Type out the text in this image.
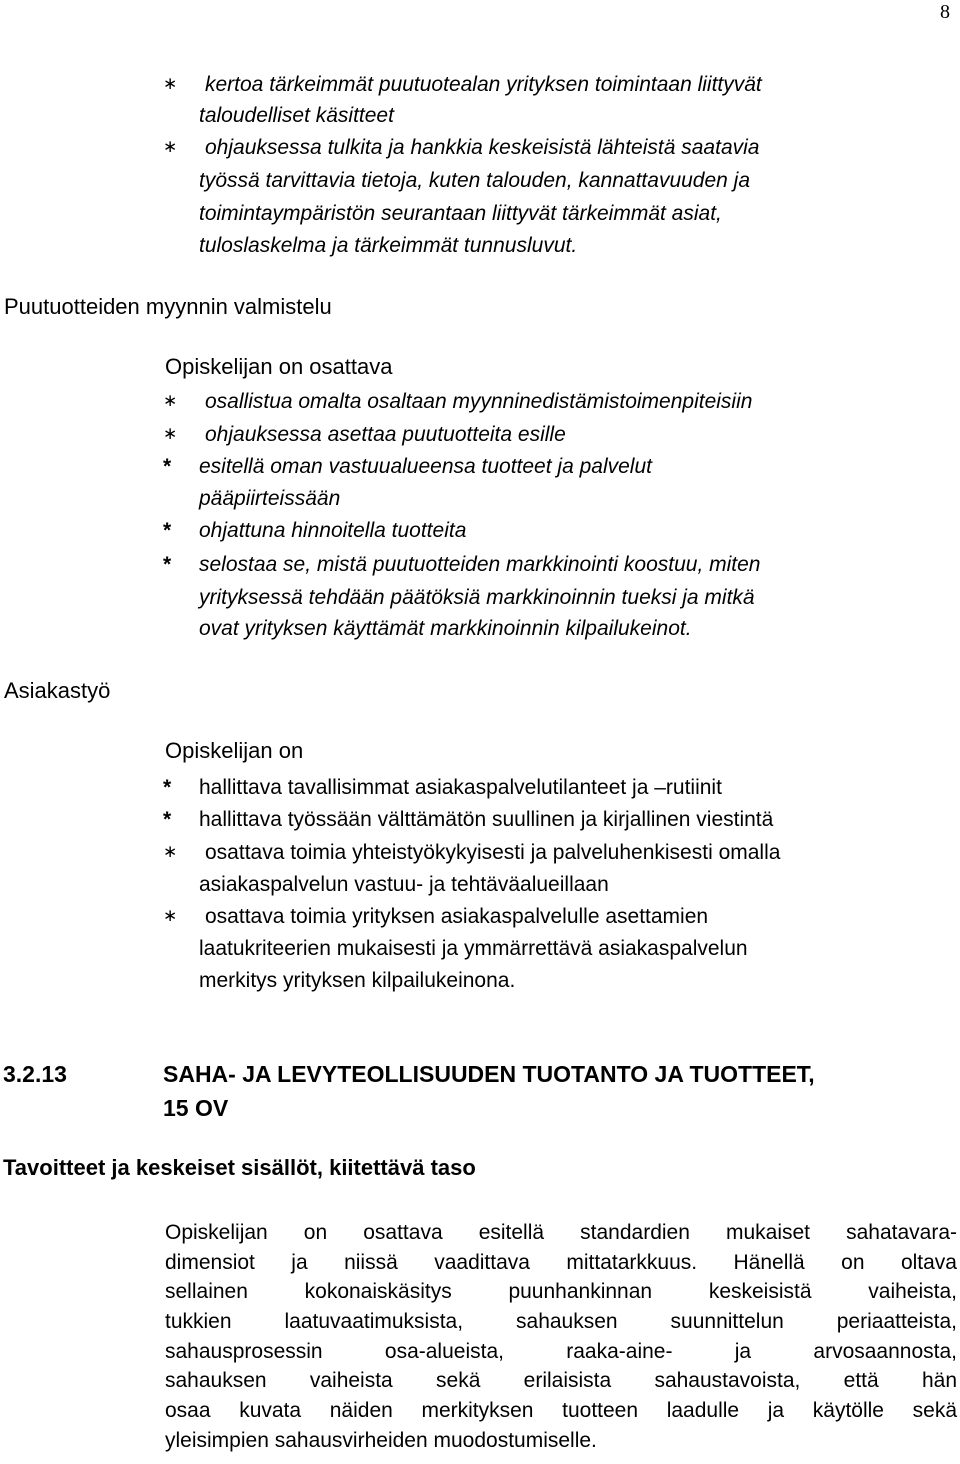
8
∗	kertoa tärkeimmät puutuotealan yrityksen toimintaan liittyvät
taloudelliset käsitteet
∗	ohjauksessa tulkita ja hankkia keskeisistä lähteistä saatavia
työssä tarvittavia tietoja, kuten talouden, kannattavuuden ja
toimintaympäristön seurantaan liittyvät tärkeimmät asiat,
tuloslaskelma ja tärkeimmät tunnusluvut.
Puutuotteiden myynnin valmistelu
Opiskelijan on osattava
∗	osallistua omalta osaltaan myynninedistämistoimenpiteisiin
∗	ohjauksessa asettaa puutuotteita esille
*	esitellä oman vastuualueensa tuotteet ja palvelut
pääpiirteissään
*	ohjattuna hinnoitella tuotteita
*	selostaa se, mistä puutuotteiden markkinointi koostuu, miten
yrityksessä tehdään päätöksiä markkinoinnin tueksi ja mitkä
ovat yrityksen käyttämät markkinoinnin kilpailukeinot.
Asiakastyö
Opiskelijan on
*	hallittava tavallisimmat asiakaspalvelutilanteet ja –rutiinit
*	hallittava työssään välttämätön suullinen ja kirjallinen viestintä
∗	osattava toimia yhteistyökykyisesti ja palveluhenkisesti omalla
asiakaspalvelun vastuu- ja tehtäväalueillaan
∗	osattava toimia yrityksen asiakaspalvelulle asettamien
laatukriteerien mukaisesti ja ymmärrettävä asiakaspalvelun
merkitys yrityksen kilpailukeinona.
3.2.13	SAHA- JA LEVYTEOLLISUUDEN TUOTANTO JA TUOTTEET,
15 OV
Tavoitteet ja keskeiset sisällöt, kiitettävä taso
Opiskelijan on osattava esitellä standardien mukaiset sahatavara-
dimensiot ja niissä vaadittava mittatarkkuus. Hänellä on oltava
sellainen kokonaiskäsitys puunhankinnan keskeisistä vaiheista,
tukkien laatuvaatimuksista, sahauksen suunnittelun periaatteista,
sahausprosessin osa-alueista, raaka-aine- ja arvosaannosta,
sahauksen vaiheista sekä erilaisista sahaustavoista, että hän
osaa kuvata näiden merkityksen tuotteen laadulle ja käytölle sekä
yleisimpien sahausvirheiden muodostumiselle.
